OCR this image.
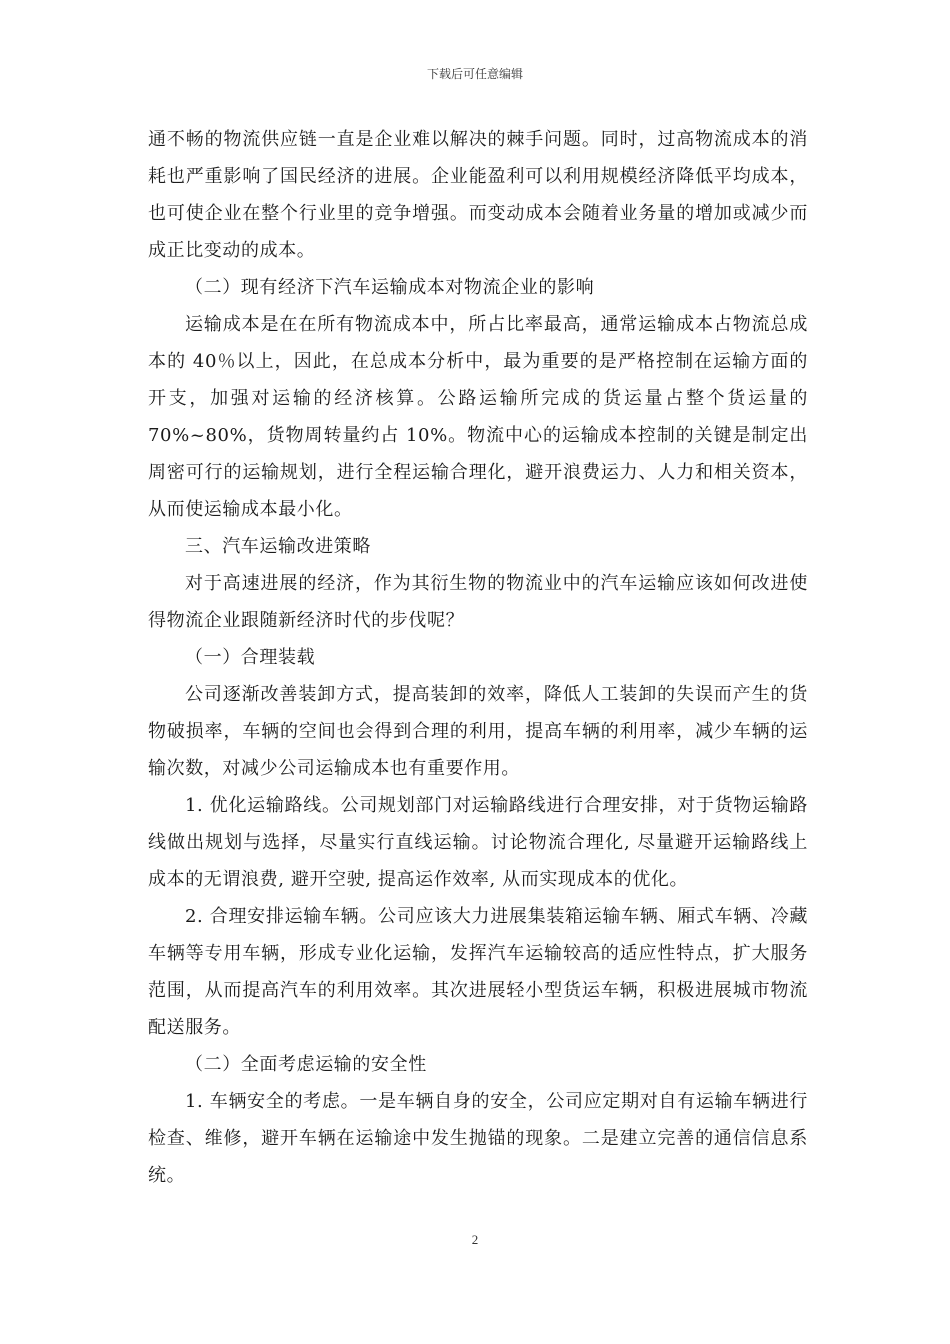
下载后可任意编辑

通不畅的物流供应链一直是企业难以解决的棘手问题。同时，过高物流成本的消耗也严重影响了国民经济的进展。企业能盈利可以利用规模经济降低平均成本，也可使企业在整个行业里的竞争增强。而变动成本会随着业务量的增加或减少而成正比变动的成本。

（二）现有经济下汽车运输成本对物流企业的影响

运输成本是在在所有物流成本中，所占比率最高，通常运输成本占物流总成本的 40％以上，因此，在总成本分析中，最为重要的是严格控制在运输方面的开支，加强对运输的经济核算。公路运输所完成的货运量占整个货运量的 70%~80%，货物周转量约占 10%。物流中心的运输成本控制的关键是制定出周密可行的运输规划，进行全程运输合理化，避开浪费运力、人力和相关资本，从而使运输成本最小化。

三、汽车运输改进策略

对于高速进展的经济，作为其衍生物的物流业中的汽车运输应该如何改进使得物流企业跟随新经济时代的步伐呢？

（一）合理装载

公司逐渐改善装卸方式，提高装卸的效率，降低人工装卸的失误而产生的货物破损率，车辆的空间也会得到合理的利用，提高车辆的利用率，减少车辆的运输次数，对减少公司运输成本也有重要作用。

1. 优化运输路线。公司规划部门对运输路线进行合理安排，对于货物运输路线做出规划与选择，尽量实行直线运输。讨论物流合理化, 尽量避开运输路线上成本的无谓浪费, 避开空驶, 提高运作效率, 从而实现成本的优化。

2. 合理安排运输车辆。公司应该大力进展集装箱运输车辆、厢式车辆、冷藏车辆等专用车辆，形成专业化运输，发挥汽车运输较高的适应性特点，扩大服务范围，从而提高汽车的利用效率。其次进展轻小型货运车辆，积极进展城市物流配送服务。

（二）全面考虑运输的安全性

1. 车辆安全的考虑。一是车辆自身的安全，公司应定期对自有运输车辆进行检查、维修，避开车辆在运输途中发生抛锚的现象。二是建立完善的通信信息系统。

2
